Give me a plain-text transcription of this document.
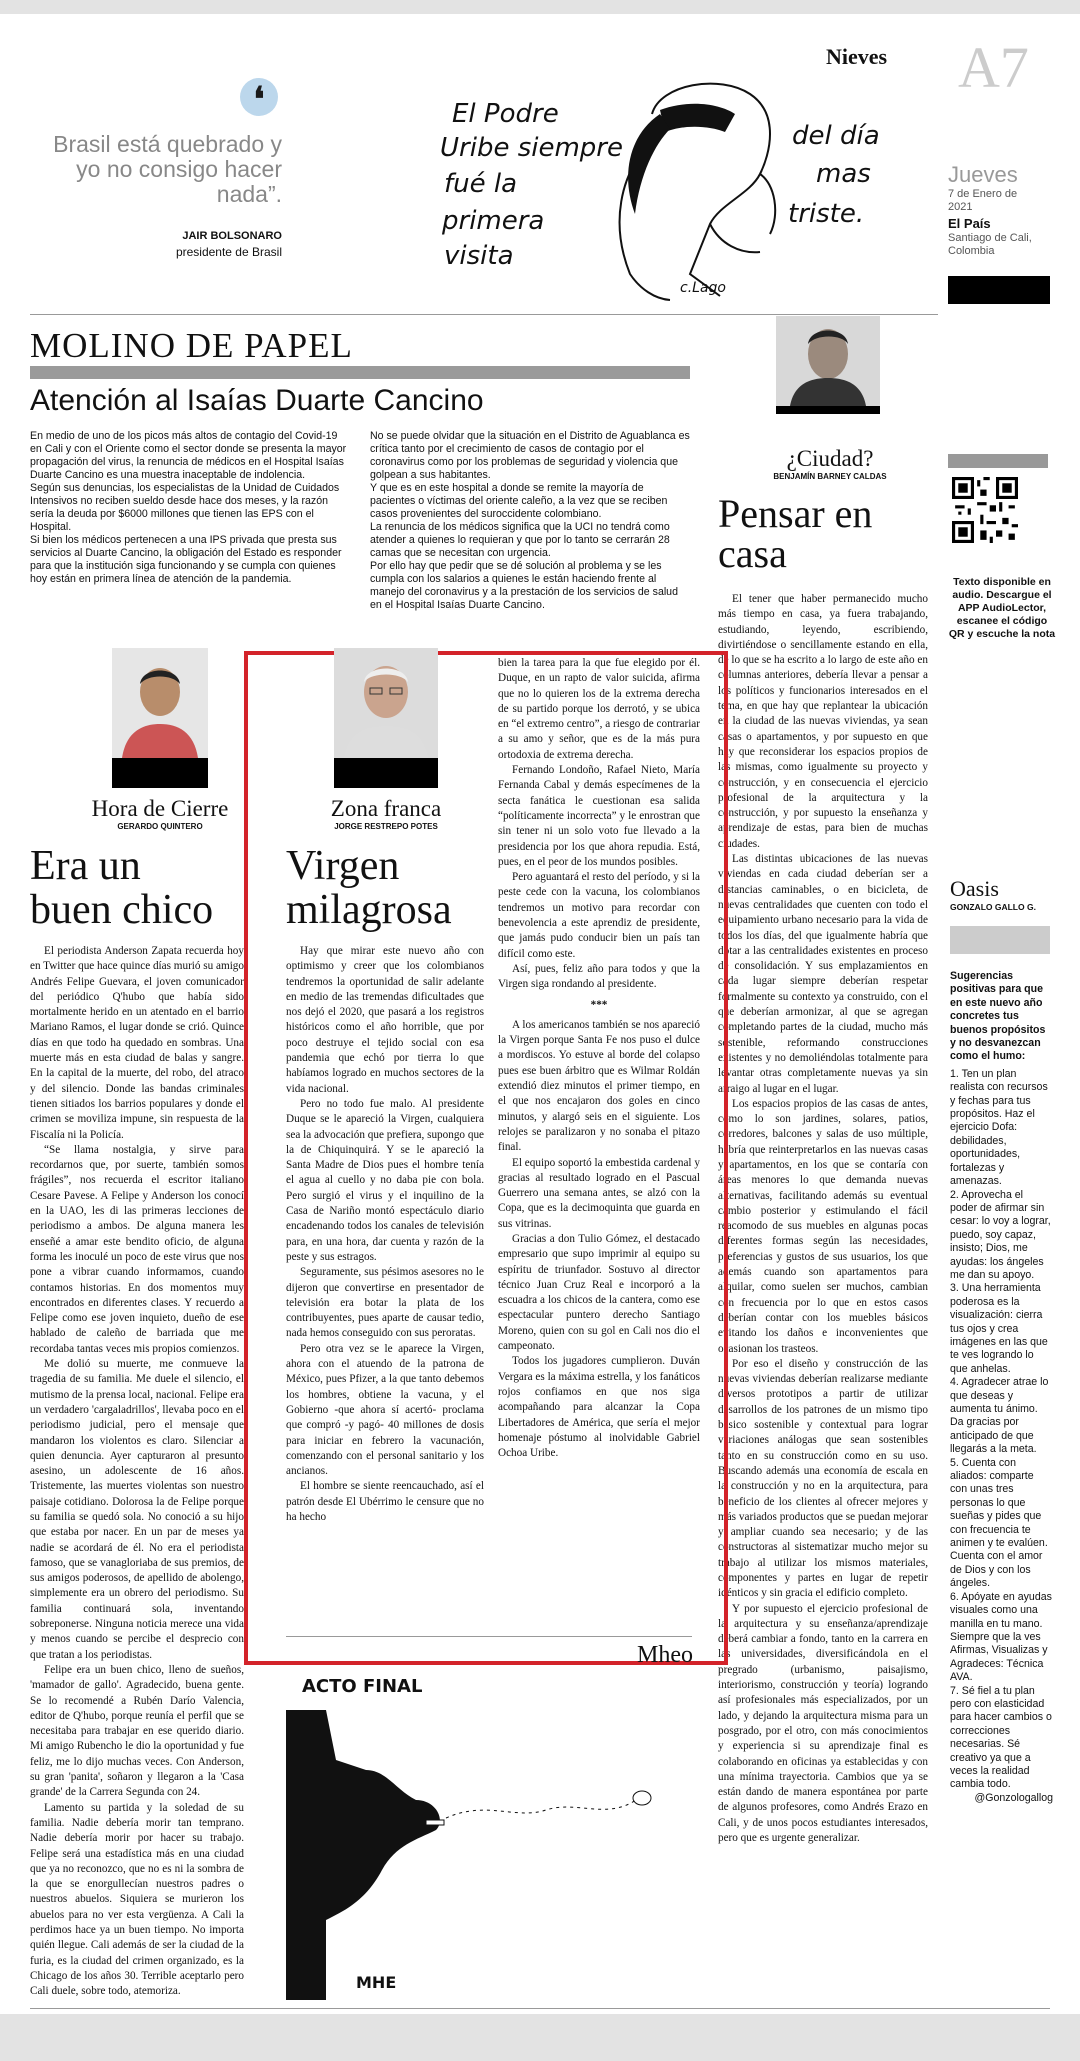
❛
Brasil está quebrado y yo no consigo hacer nada”.
JAIR BOLSONARO
presidente de Brasil
El Podre
Uribe siempre
fué la
primera
visita
del día
mas
triste.
c.Lago
Nieves A7
Jueves
7 de Enero de 2021
El País
Santiago de Cali, Colombia
MOLINO DE PAPEL
Atención al Isaías Duarte Cancino

En medio de uno de los picos más altos de contagio del Covid-19 en Cali y con el Oriente como el sector donde se presenta la mayor propagación del virus, la renuncia de médicos en el Hospital Isaías Duarte Cancino es una muestra inaceptable de indolencia.

Según sus denuncias, los especialistas de la Unidad de Cuidados Intensivos no reciben sueldo desde hace dos meses, y la razón sería la deuda por $6000 millones que tienen las EPS con el Hospital.

Si bien los médicos pertenecen a una IPS privada que presta sus servicios al Duarte Cancino, la obligación del Estado es responder para que la institución siga funcionando y se cumpla con quienes hoy están en primera línea de atención de la pandemia.

No se puede olvidar que la situación en el Distrito de Aguablanca es crítica tanto por el crecimiento de casos de contagio por el coronavirus como por los problemas de seguridad y violencia que golpean a sus habitantes.

Y que es en este hospital a donde se remite la mayoría de pacientes o víctimas del oriente caleño, a la vez que se reciben casos provenientes del suroccidente colombiano.

La renuncia de los médicos significa que la UCI no tendrá como atender a quienes lo requieran y que por lo tanto se cerrarán 28 camas que se necesitan con urgencia.

Por ello hay que pedir que se dé solución al problema y se les cumpla con los salarios a quienes le están haciendo frente al manejo del coronavirus y a la prestación de los servicios de salud en el Hospital Isaías Duarte Cancino.

¿Ciudad?
BENJAMÍN BARNEY CALDAS
Pensar en casa

El tener que haber permanecido mucho más tiempo en casa, ya fuera trabajando, estudiando, leyendo, escribiendo, divirtiéndose o sencillamente estando en ella, de lo que se ha escrito a lo largo de este año en columnas anteriores, debería llevar a pensar a los políticos y funcionarios interesados en el tema, en que hay que replantear la ubicación en la ciudad de las nuevas viviendas, ya sean casas o apartamentos, y por supuesto en que hay que reconsiderar los espacios propios de las mismas, como igualmente su proyecto y construcción, y en consecuencia el ejercicio profesional de la arquitectura y la construcción, y por supuesto la enseñanza y aprendizaje de estas, para bien de muchas ciudades.

Las distintas ubicaciones de las nuevas viviendas en cada ciudad deberían ser a distancias caminables, o en bicicleta, de nuevas centralidades que cuenten con todo el equipamiento urbano necesario para la vida de todos los días, del que igualmente habría que dotar a las centralidades existentes en proceso de consolidación. Y sus emplazamientos en cada lugar siempre deberían respetar formalmente su contexto ya construido, con el que deberían armonizar, al que se agregan completando partes de la ciudad, mucho más sostenible, reformando construcciones existentes y no demoliéndolas totalmente para levantar otras completamente nuevas ya sin arraigo al lugar en el lugar.

Los espacios propios de las casas de antes, como lo son jardines, solares, patios, corredores, balcones y salas de uso múltiple, habría que reinterpretarlos en las nuevas casas y apartamentos, en los que se contaría con áreas menores lo que demanda nuevas alternativas, facilitando además su eventual cambio posterior y estimulando el fácil reacomodo de sus muebles en algunas pocas diferentes formas según las necesidades, preferencias y gustos de sus usuarios, los que además cuando son apartamentos para alquilar, como suelen ser muchos, cambian con frecuencia por lo que en estos casos deberían contar con los muebles básicos evitando los daños e inconvenientes que ocasionan los trasteos.

Por eso el diseño y construcción de las nuevas viviendas deberían realizarse mediante diversos prototipos a partir de utilizar desarrollos de los patrones de un mismo tipo básico sostenible y contextual para lograr variaciones análogas que sean sostenibles tanto en su construcción como en su uso. Buscando además una economía de escala en la construcción y no en la arquitectura, para beneficio de los clientes al ofrecer mejores y más variados productos que se puedan mejorar y ampliar cuando sea necesario; y de las constructoras al sistematizar mucho mejor su trabajo al utilizar los mismos materiales, componentes y partes en lugar de repetir idénticos y sin gracia el edificio completo.

Y por supuesto el ejercicio profesional de la arquitectura y su enseñanza/aprendizaje deberá cambiar a fondo, tanto en la carrera en las universidades, diversificándola en el pregrado (urbanismo, paisajismo, interiorismo, construcción y teoría) logrando así profesionales más especializados, por un lado, y dejando la arquitectura misma para un posgrado, por el otro, con más conocimientos y experiencia si su aprendizaje final es colaborando en oficinas ya establecidas y con una mínima trayectoria. Cambios que ya se están dando de manera espontánea por parte de algunos profesores, como Andrés Erazo en Cali, y de unos pocos estudiantes interesados, pero que es urgente generalizar.

Texto disponible en audio. Descargue el APP AudioLector, escanee el código QR y escuche la nota
Oasis
GONZALO GALLO G.

Sugerencias positivas para que en este nuevo año concretes tus buenos propósitos y no desvanezcan como el humo:

1. Ten un plan realista con recursos y fechas para tus propósitos. Haz el ejercicio Dofa: debilidades, oportunidades, fortalezas y amenazas.

2. Aprovecha el poder de afirmar sin cesar: lo voy a lograr, puedo, soy capaz, insisto; Dios, me ayudas: los ángeles me dan su apoyo.

3. Una herramienta poderosa es la visualización: cierra tus ojos y crea imágenes en las que te ves logrando lo que anhelas.

4. Agradecer atrae lo que deseas y aumenta tu ánimo. Da gracias por anticipado de que llegarás a la meta.

5. Cuenta con aliados: comparte con unas tres personas lo que sueñas y pides que con frecuencia te animen y te evalúen. Cuenta con el amor de Dios y con los ángeles.

6. Apóyate en ayudas visuales como una manilla en tu mano. Siempre que la ves Afirmas, Visualizas y Agradeces: Técnica AVA.

7. Sé fiel a tu plan pero con elasticidad para hacer cambios o correcciones necesarias. Sé creativo ya que a veces la realidad cambia todo.

@Gonzologallog

Hora de Cierre
GERARDO QUINTERO
Era un buen chico

El periodista Anderson Zapata recuerda hoy en Twitter que hace quince días murió su amigo Andrés Felipe Guevara, el joven comunicador del periódico Q'hubo que había sido mortalmente herido en un atentado en el barrio Mariano Ramos, el lugar donde se crió. Quince días en que todo ha quedado en sombras. Una muerte más en esta ciudad de balas y sangre. En la capital de la muerte, del robo, del atraco y del silencio. Donde las bandas criminales tienen sitiados los barrios populares y donde el crimen se moviliza impune, sin respuesta de la Fiscalía ni la Policía.

“Se llama nostalgia, y sirve para recordarnos que, por suerte, también somos frágiles”, nos recuerda el escritor italiano Cesare Pavese. A Felipe y Anderson los conocí en la UAO, les di las primeras lecciones de periodismo a ambos. De alguna manera les enseñé a amar este bendito oficio, de alguna forma les inoculé un poco de este virus que nos pone a vibrar cuando informamos, cuando contamos historias. En dos momentos muy encontrados en diferentes clases. Y recuerdo a Felipe como ese joven inquieto, dueño de ese hablado de caleño de barriada que me recordaba tantas veces mis propios comienzos.

Me dolió su muerte, me conmueve la tragedia de su familia. Me duele el silencio, el mutismo de la prensa local, nacional. Felipe era un verdadero 'cargaladrillos', llevaba poco en el periodismo judicial, pero el mensaje que mandaron los violentos es claro. Silenciar a quien denuncia. Ayer capturaron al presunto asesino, un adolescente de 16 años. Tristemente, las muertes violentas son nuestro paisaje cotidiano. Dolorosa la de Felipe porque su familia se quedó sola. No conoció a su hijo que estaba por nacer. En un par de meses ya nadie se acordará de él. No era el periodista famoso, que se vanagloriaba de sus premios, de sus amigos poderosos, de apellido de abolengo, simplemente era un obrero del periodismo. Su familia continuará sola, inventando sobreponerse. Ninguna noticia merece una vida y menos cuando se percibe el desprecio con que tratan a los periodistas.

Felipe era un buen chico, lleno de sueños, 'mamador de gallo'. Agradecido, buena gente. Se lo recomendé a Rubén Darío Valencia, editor de Q'hubo, porque reunía el perfil que se necesitaba para trabajar en ese querido diario. Mi amigo Rubencho le dio la oportunidad y fue feliz, me lo dijo muchas veces. Con Anderson, su gran 'panita', soñaron y llegaron a la 'Casa grande' de la Carrera Segunda con 24.

Lamento su partida y la soledad de su familia. Nadie debería morir tan temprano. Nadie debería morir por hacer su trabajo. Felipe será una estadística más en una ciudad que ya no reconozco, que no es ni la sombra de la que se enorgullecían nuestros padres o nuestros abuelos. Siquiera se murieron los abuelos para no ver esta vergüenza. A Cali la perdimos hace ya un buen tiempo. No importa quién llegue. Cali además de ser la ciudad de la furia, es la ciudad del crimen organizado, es la Chicago de los años 30. Terrible aceptarlo pero Cali duele, sobre todo, atemoriza.

Zona franca
JORGE RESTREPO POTES
Virgen milagrosa

Hay que mirar este nuevo año con optimismo y creer que los colombianos tendremos la oportunidad de salir adelante en medio de las tremendas dificultades que nos dejó el 2020, que pasará a los registros históricos como el año horrible, que por poco destruye el tejido social con esa pandemia que echó por tierra lo que habíamos logrado en muchos sectores de la vida nacional.

Pero no todo fue malo. Al presidente Duque se le apareció la Virgen, cualquiera sea la advocación que prefiera, supongo que la de Chiquinquirá. Y se le apareció la Santa Madre de Dios pues el hombre tenía el agua al cuello y no daba pie con bola. Pero surgió el virus y el inquilino de la Casa de Nariño montó espectáculo diario encadenando todos los canales de televisión para, en una hora, dar cuenta y razón de la peste y sus estragos.

Seguramente, sus pésimos asesores no le dijeron que convertirse en presentador de televisión era botar la plata de los contribuyentes, pues aparte de causar tedio, nada hemos conseguido con sus peroratas.

Pero otra vez se le aparece la Virgen, ahora con el atuendo de la patrona de México, pues Pfizer, a la que tanto debemos los hombres, obtiene la vacuna, y el Gobierno -que ahora sí acertó- proclama que compró -y pagó- 40 millones de dosis para iniciar en febrero la vacunación, comenzando con el personal sanitario y los ancianos.

El hombre se siente reencauchado, así el patrón desde El Ubérrimo le censure que no ha hecho

bien la tarea para la que fue elegido por él. Duque, en un rapto de valor suicida, afirma que no lo quieren los de la extrema derecha de su partido porque los derrotó, y se ubica en “el extremo centro”, a riesgo de contrariar a su amo y señor, que es de la más pura ortodoxia de extrema derecha.

Fernando Londoño, Rafael Nieto, María Fernanda Cabal y demás especímenes de la secta fanática le cuestionan esa salida “políticamente incorrecta” y le enrostran que sin tener ni un solo voto fue llevado a la presidencia por los que ahora repudia. Está, pues, en el peor de los mundos posibles.

Pero aguantará el resto del período, y si la peste cede con la vacuna, los colombianos tendremos un motivo para recordar con benevolencia a este aprendiz de presidente, que jamás pudo conducir bien un país tan difícil como este.

Así, pues, feliz año para todos y que la Virgen siga rondando al presidente.

***

A los americanos también se nos apareció la Virgen porque Santa Fe nos puso el dulce a mordiscos. Yo estuve al borde del colapso pues ese buen árbitro que es Wilmar Roldán extendió diez minutos el primer tiempo, en el que nos encajaron dos goles en cinco minutos, y alargó seis en el siguiente. Los relojes se paralizaron y no sonaba el pitazo final.

El equipo soportó la embestida cardenal y gracias al resultado logrado en el Pascual Guerrero una semana antes, se alzó con la Copa, que es la decimoquinta que guarda en sus vitrinas.

Gracias a don Tulio Gómez, el destacado empresario que supo imprimir al equipo su espíritu de triunfador. Sostuvo al director técnico Juan Cruz Real e incorporó a la escuadra a los chicos de la cantera, como ese espectacular puntero derecho Santiago Moreno, quien con su gol en Cali nos dio el campeonato.

Todos los jugadores cumplieron. Duván Vergara es la máxima estrella, y los fanáticos rojos confiamos en que nos siga acompañando para alcanzar la Copa Libertadores de América, que sería el mejor homenaje póstumo al inolvidable Gabriel Ochoa Uribe.

Mheo
ACTO FINAL
MHE
